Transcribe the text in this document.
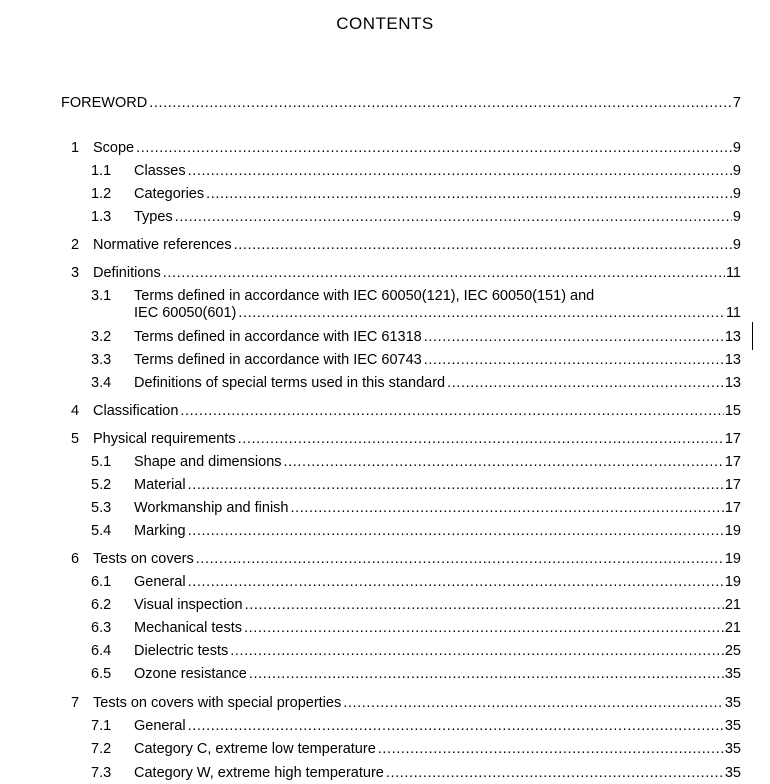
CONTENTS
FOREWORD .....	7
1 Scope .....	9
1.1 Classes .....	9
1.2 Categories .....	9
1.3 Types .....	9
2 Normative references .....	9
3 Definitions .....	11
3.1 Terms defined in accordance with IEC 60050(121), IEC 60050(151) and
IEC 60050(601) .....	11
3.2 Terms defined in accordance with IEC 61318 .....	13
3.3 Terms defined in accordance with IEC 60743 .....	13
3.4 Definitions of special terms used in this standard .....	13
4 Classification .....	15
5 Physical requirements .....	17
5.1 Shape and dimensions .....	17
5.2 Material .....	17
5.3 Workmanship and finish .....	17
5.4 Marking .....	19
6 Tests on covers .....	19
6.1 General .....	19
6.2 Visual inspection .....	21
6.3 Mechanical tests .....	21
6.4 Dielectric tests .....	25
6.5 Ozone resistance .....	35
7 Tests on covers with special properties .....	35
7.1 General .....	35
7.2 Category C, extreme low temperature .....	35
7.3 Category W, extreme high temperature .....	35
